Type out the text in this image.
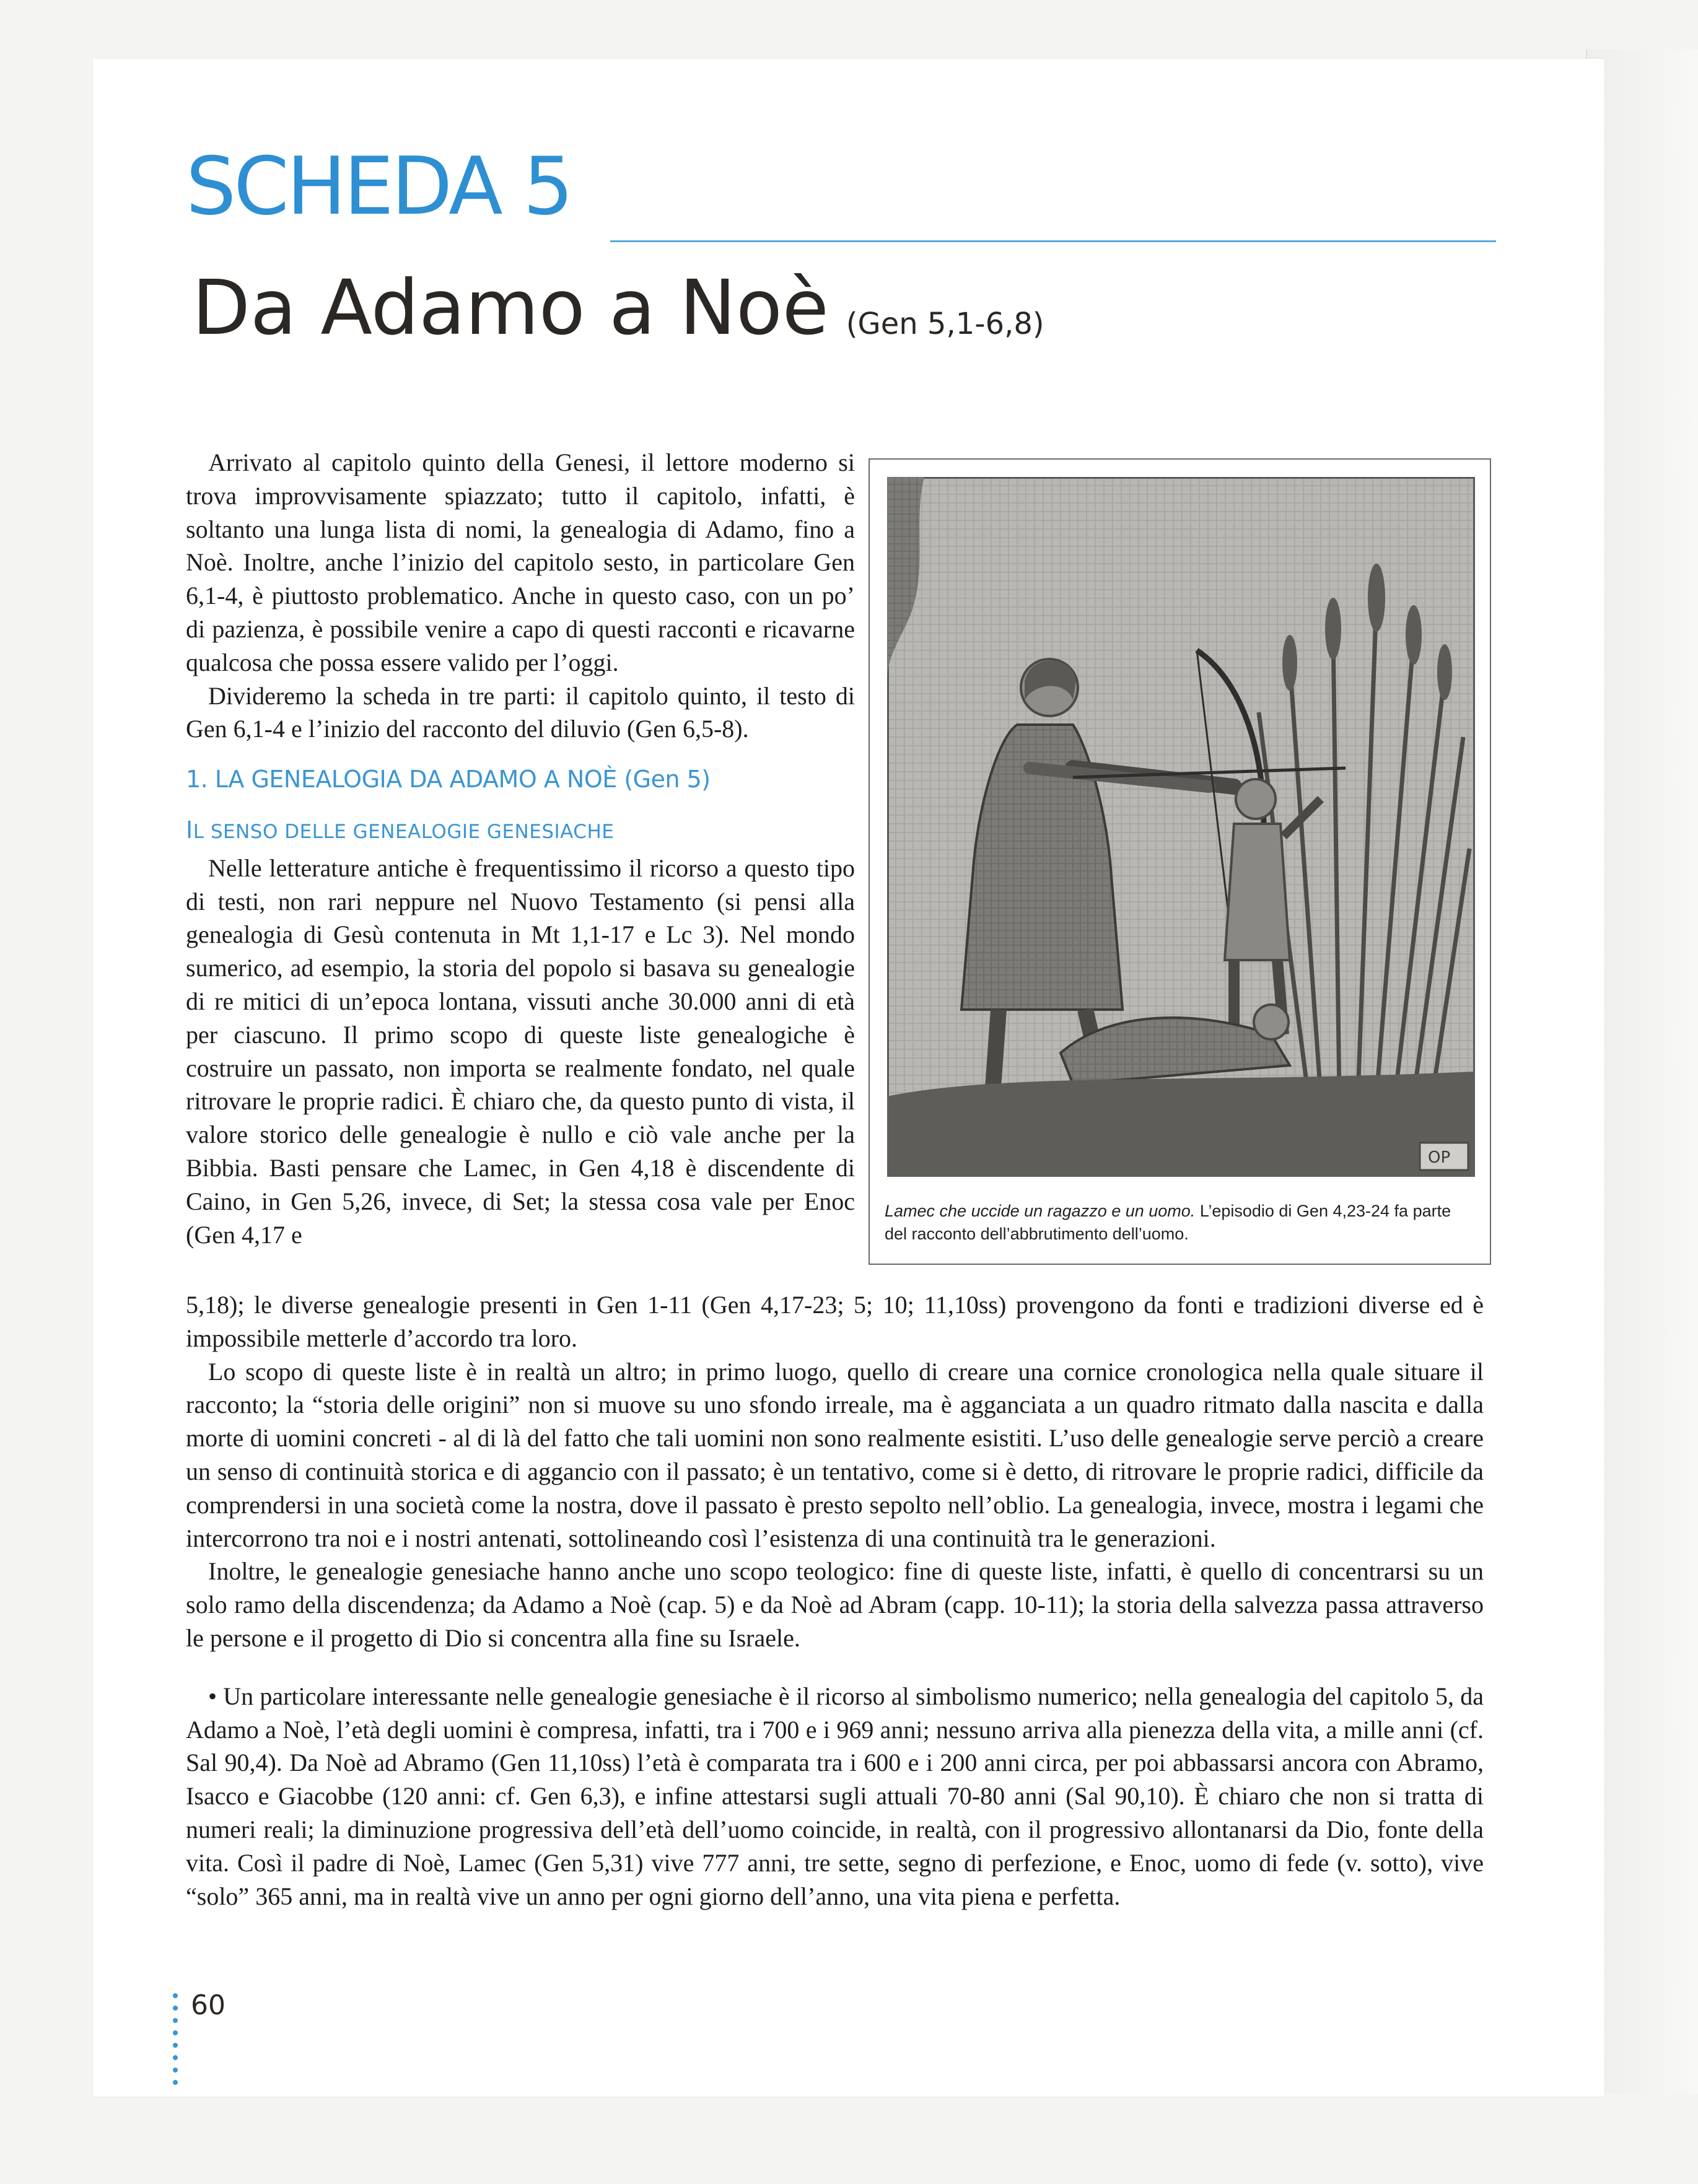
SCHEDA 5
Da Adamo a Noè (Gen 5,1-6,8)

Arrivato al capitolo quinto della Genesi, il lettore moderno si trova improvvisamente spiazzato; tutto il capitolo, infatti, è soltanto una lunga lista di nomi, la genealogia di Adamo, fino a Noè. Inoltre, anche l’inizio del capitolo sesto, in particolare Gen 6,1-4, è piuttosto problematico. Anche in questo caso, con un po’ di pazienza, è possibile venire a capo di questi racconti e ricavarne qualcosa che possa essere valido per l’oggi.

Divideremo la scheda in tre parti: il capitolo quinto, il testo di Gen 6,1-4 e l’inizio del racconto del diluvio (Gen 6,5-8).

1. LA GENEALOGIA DA ADAMO A NOÈ (Gen 5)
IL SENSO DELLE GENEALOGIE GENESIACHE

Nelle letterature antiche è frequentissimo il ricorso a questo tipo di testi, non rari neppure nel Nuovo Testamento (si pensi alla genealogia di Gesù contenuta in Mt 1,1-17 e Lc 3). Nel mondo sumerico, ad esempio, la storia del popolo si basava su genealogie di re mitici di un’epoca lontana, vissuti anche 30.000 anni di età per ciascuno. Il primo scopo di queste liste genealogiche è costruire un passato, non importa se realmente fondato, nel quale ritrovare le proprie radici. È chiaro che, da questo punto di vista, il valore storico delle genealogie è nullo e ciò vale anche per la Bibbia. Basti pensare che Lamec, in Gen 4,18 è discendente di Caino, in Gen 5,26, invece, di Set; la stessa cosa vale per Enoc (Gen 4,17 e

OP
Lamec che uccide un ragazzo e un uomo. L’episodio di Gen 4,23-24 fa parte del racconto dell’abbrutimento dell’uomo.

5,18); le diverse genealogie presenti in Gen 1-11 (Gen 4,17-23; 5; 10; 11,10ss) provengono da fonti e tradizioni diverse ed è impossibile metterle d’accordo tra loro.

Lo scopo di queste liste è in realtà un altro; in primo luogo, quello di creare una cornice cronologica nella quale situare il racconto; la “storia delle origini” non si muove su uno sfondo irreale, ma è agganciata a un quadro ritmato dalla nascita e dalla morte di uomini concreti - al di là del fatto che tali uomini non sono realmente esistiti. L’uso delle genealogie serve perciò a creare un senso di continuità storica e di aggancio con il passato; è un tentativo, come si è detto, di ritrovare le proprie radici, difficile da comprendersi in una società come la nostra, dove il passato è presto sepolto nell’oblio. La genealogia, invece, mostra i legami che intercorrono tra noi e i nostri antenati, sottolineando così l’esistenza di una continuità tra le generazioni.

Inoltre, le genealogie genesiache hanno anche uno scopo teologico: fine di queste liste, infatti, è quello di concentrarsi su un solo ramo della discendenza; da Adamo a Noè (cap. 5) e da Noè ad Abram (capp. 10-11); la storia della salvezza passa attraverso le persone e il progetto di Dio si concentra alla fine su Israele.

• Un particolare interessante nelle genealogie genesiache è il ricorso al simbolismo numerico; nella genealogia del capitolo 5, da Adamo a Noè, l’età degli uomini è compresa, infatti, tra i 700 e i 969 anni; nessuno arriva alla pienezza della vita, a mille anni (cf. Sal 90,4). Da Noè ad Abramo (Gen 11,10ss) l’età è comparata tra i 600 e i 200 anni circa, per poi abbassarsi ancora con Abramo, Isacco e Giacobbe (120 anni: cf. Gen 6,3), e infine attestarsi sugli attuali 70-80 anni (Sal 90,10). È chiaro che non si tratta di numeri reali; la diminuzione progressiva dell’età dell’uomo coincide, in realtà, con il progressivo allontanarsi da Dio, fonte della vita. Così il padre di Noè, Lamec (Gen 5,31) vive 777 anni, tre sette, segno di perfezione, e Enoc, uomo di fede (v. sotto), vive “solo” 365 anni, ma in realtà vive un anno per ogni giorno dell’anno, una vita piena e perfetta.

60
